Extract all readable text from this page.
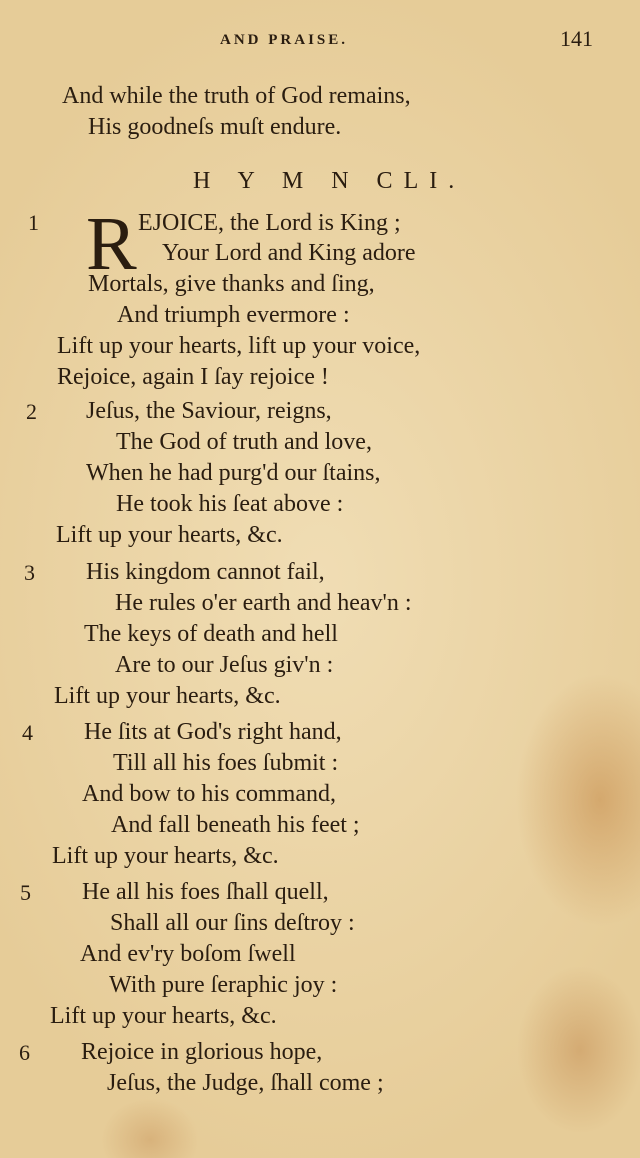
AND PRAISE.	141
And while the truth of God remains,
His goodneſs muſt endure.
H Y M N CLI.
1 R EJOICE, the Lord is King ;
Your Lord and King adore
Mortals, give thanks and ſing,
And triumph evermore :
Lift up your hearts, lift up your voice,
Rejoice, again I ſay rejoice !
2 Jeſus, the Saviour, reigns,
The God of truth and love,
When he had purg'd our ſtains,
He took his ſeat above :
Lift up your hearts, &c.
3 His kingdom cannot fail,
He rules o'er earth and heav'n :
The keys of death and hell
Are to our Jeſus giv'n :
Lift up your hearts, &c.
4 He ſits at God's right hand,
Till all his foes ſubmit :
And bow to his command,
And fall beneath his feet ;
Lift up your hearts, &c.
5 He all his foes ſhall quell,
Shall all our ſins deſtroy :
And ev'ry boſom ſwell
With pure ſeraphic joy :
Lift up your hearts, &c.
6 Rejoice in glorious hope,
Jeſus, the Judge, ſhall come ;
